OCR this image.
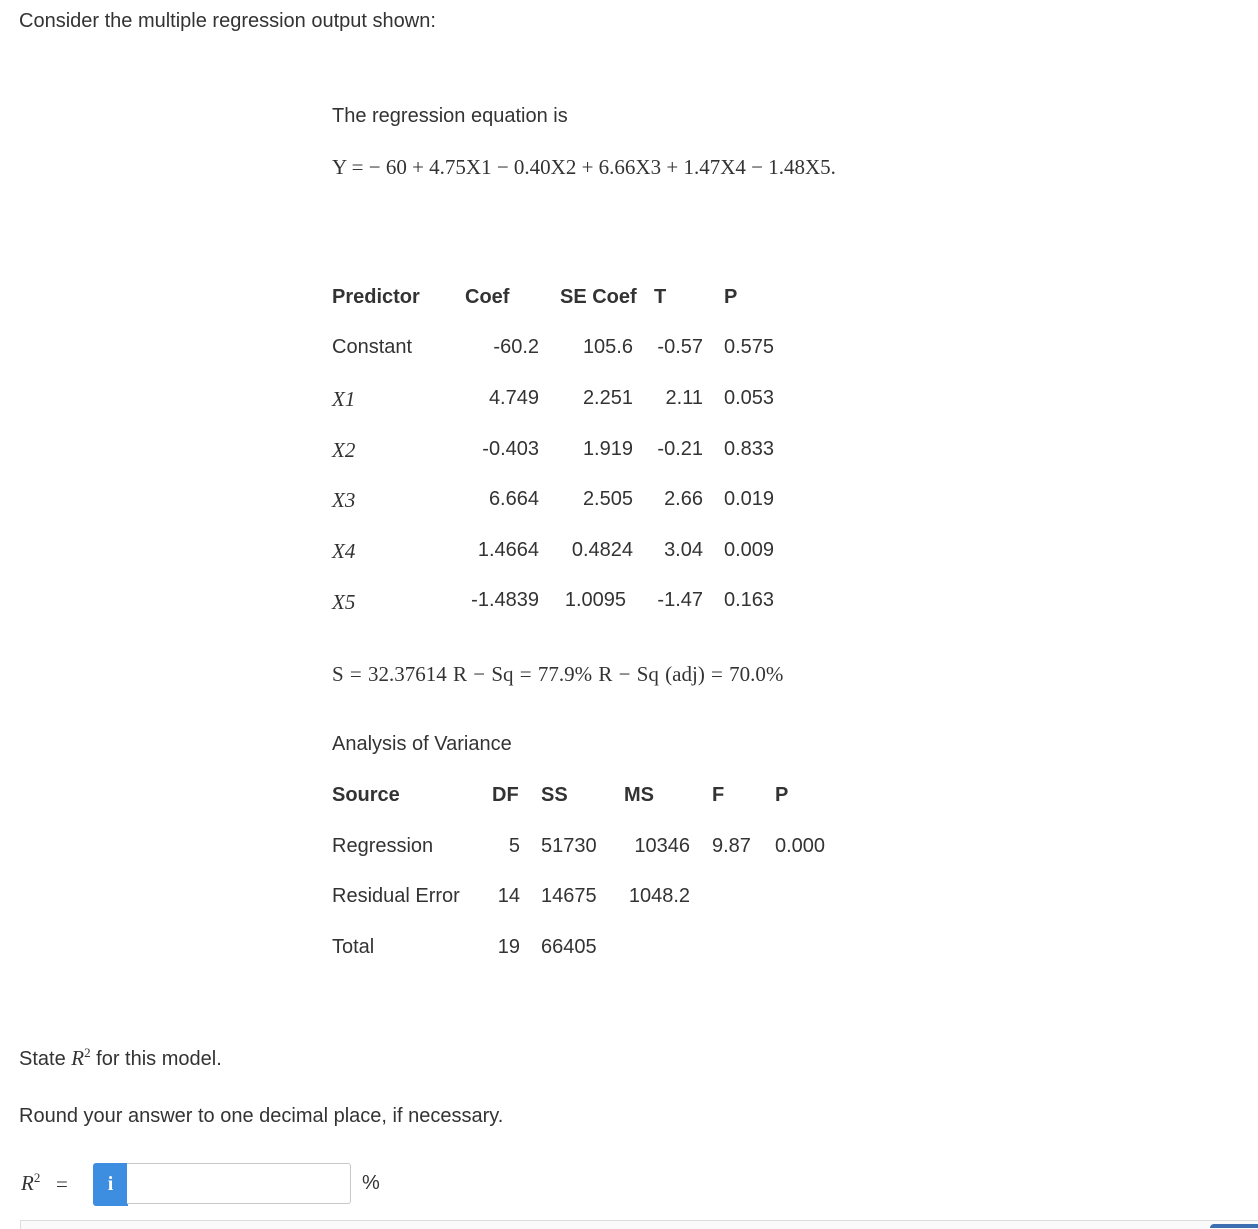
Consider the multiple regression output shown:
The regression equation is
Y = − 60 + 4.75X1 − 0.40X2 + 6.66X3 + 1.47X4 − 1.48X5.
Predictor Coef	SE Coef T	P
Constant	-60.2	105.6	-0.57 0.575
X1	4.749	2.251	2.11 0.053
X2	-0.403	1.919	-0.21 0.833
X3	6.664	2.505	2.66 0.019
X4	1.4664	0.4824	3.04 0.009
X5	-1.4839	1.0095	-1.47 0.163
S = 32.37614 R − Sq = 77.9% R − Sq (adj) = 70.0%
Analysis of Variance
Source	DF SS	MS	F	P
Regression	5 51730	10346 9.87 0.000
Residual Error	14 14675	1048.2
Total	19 66405
State $R^2$ for this model.
Round your answer to one decimal place, if necessary.
$R^2 = i$	%
